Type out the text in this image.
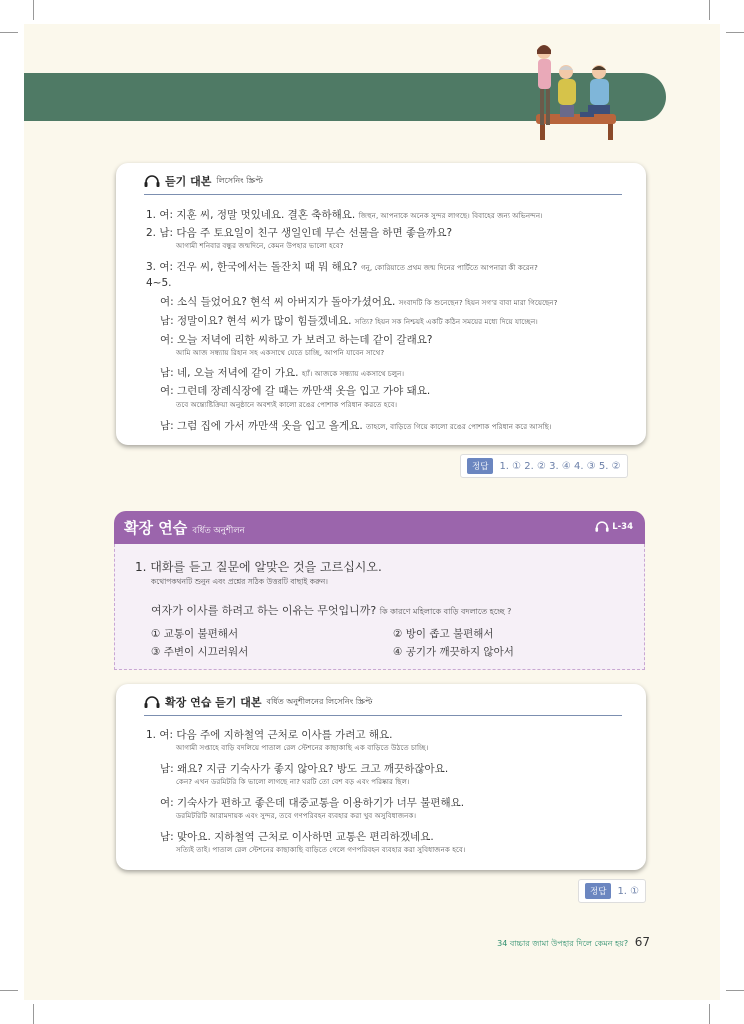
듣기 대본 লিসেনিং স্ক্রিপ্ট
1. 여: 지훈 씨, 정말 멋있네요. 결혼 축하해요. জিহুন, আপনাকে অনেক সুন্দর লাগছে। বিবাহের জন্য অভিনন্দন।
2. 남: 다음 주 토요일이 친구 생일인데 무슨 선물을 하면 좋을까요?
আগামী শনিবার বন্ধুর জন্মদিনে, কেমন উপহার ভালো হবে?
3. 여: 건우 씨, 한국에서는 돌잔치 때 뭐 해요? গনু, কোরিয়াতে প্রথম জন্ম দিনের পার্টিতে আপনারা কী করেন?
4~5.
여: 소식 들었어요? 현석 씨 아버지가 돌아가셨어요. সংবাদটি কি শুনেছেন? হিয়ন সগ'র বাবা মারা গিয়েছেন?
남: 정말이요? 현석 씨가 많이 힘들겠네요. সত্যি? হিয়ন সক নিশ্চয়ই একটি কঠিন সময়ের মধ্যে দিয়ে যাচ্ছেন।
여: 오늘 저녁에 리한 씨하고 가 보려고 하는데 같이 갈래요?
আমি আজ সন্ধ্যায় রিহান সহ একসাথে যেতে চাচ্ছি, আপনি যাবেন সাথে?
남: 네, 오늘 저녁에 같이 가요. হ্যাঁ। আজকে সন্ধ্যায় একসাথে চলুন।
여: 그런데 장례식장에 갈 때는 까만색 옷을 입고 가야 돼요.
তবে অন্ত্যেষ্টিক্রিয়া অনুষ্ঠানে অবশ্যই কালো রঙের পোশাক পরিধান করতে হবে।
남: 그럼 집에 가서 까만색 옷을 입고 올게요. তাহলে, বাড়িতে গিয়ে কালো রঙের পোশাক পরিধান করে আসছি।
정답	1. ① 2. ② 3. ④ 4. ③ 5. ②
확장 연습 বর্ধিত অনুশীলন	L-34
1. 대화를 듣고 질문에 알맞은 것을 고르십시오.
কথোপকথনটি শুনুন এবং প্রশ্নের সঠিক উত্তরটি বাছাই করুন।
여자가 이사를 하려고 하는 이유는 무엇입니까? কি কারণে মহিলাকে বাড়ি বদলাতে হচ্ছে ?
① 교통이 불편해서	② 방이 좁고 불편해서
③ 주변이 시끄러워서	④ 공기가 깨끗하지 않아서
확장 연습 듣기 대본 বর্ধিত অনুশীলনের লিসেনিং স্ক্রিপ্ট
1. 여: 다음 주에 지하철역 근처로 이사를 가려고 해요.
আগামী সপ্তাহে বাড়ি বদলিয়ে পাতাল রেল স্টেশনের কাছাকাছি এক বাড়িতে উঠতে চাচ্ছি।
남: 왜요? 지금 기숙사가 좋지 않아요? 방도 크고 깨끗하잖아요.
কেন? এখন ডরমিটরি কি ভালো লাগছে না? ঘরটি তো বেশ বড় এবং পরিষ্কার ছিল।
여: 기숙사가 편하고 좋은데 대중교통을 이용하기가 너무 불편해요.
ডরমিটরিটি আরামদায়ক এবং সুন্দর, তবে গণপরিবহন ব্যবহার করা খুব অসুবিধাজনক।
남: 맞아요. 지하철역 근처로 이사하면 교통은 편리하겠네요.
সত্যিই তাই। পাতাল রেল স্টেশনের কাছাকাছি বাড়িতে গেলে গণপরিবহন ব্যবহার করা সুবিধাজনক হবে।
정답	1. ①
34 বাচ্চার জামা উপহার দিলে কেমন হয়? 67
